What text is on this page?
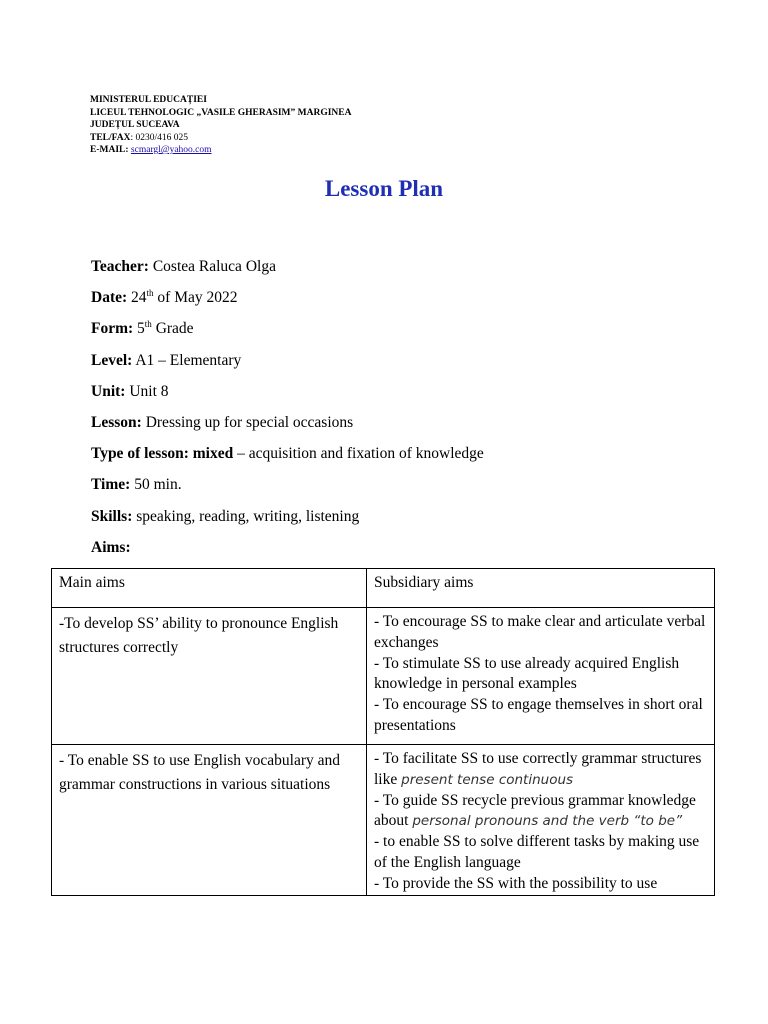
MINISTERUL EDUCAȚIEI
LICEUL TEHNOLOGIC „VASILE GHERASIM” MARGINEA
JUDEȚUL SUCEAVA
TEL/FAX: 0230/416 025
E-MAIL: scmargl@yahoo.com
Lesson Plan
Teacher: Costea Raluca Olga
Date: 24th of May 2022
Form: 5th Grade
Level: A1 – Elementary
Unit: Unit 8
Lesson: Dressing up for special occasions
Type of lesson: mixed – acquisition and fixation of knowledge
Time: 50 min.
Skills: speaking, reading, writing, listening
Aims:
Main aims	Subsidiary aims
-To develop SS’ ability to pronounce English structures correctly	- To encourage SS to make clear and articulate verbal exchanges
- To stimulate SS to use already acquired English knowledge in personal examples
- To encourage SS to engage themselves in short oral presentations

- To enable SS to use English vocabulary and grammar constructions in various situations	- To facilitate SS to use correctly grammar structures like present tense continuous
- To guide SS recycle previous grammar knowledge about personal pronouns and the verb “to be”
- to enable SS to solve different tasks by making use of the English language
- To provide the SS with the possibility to use
